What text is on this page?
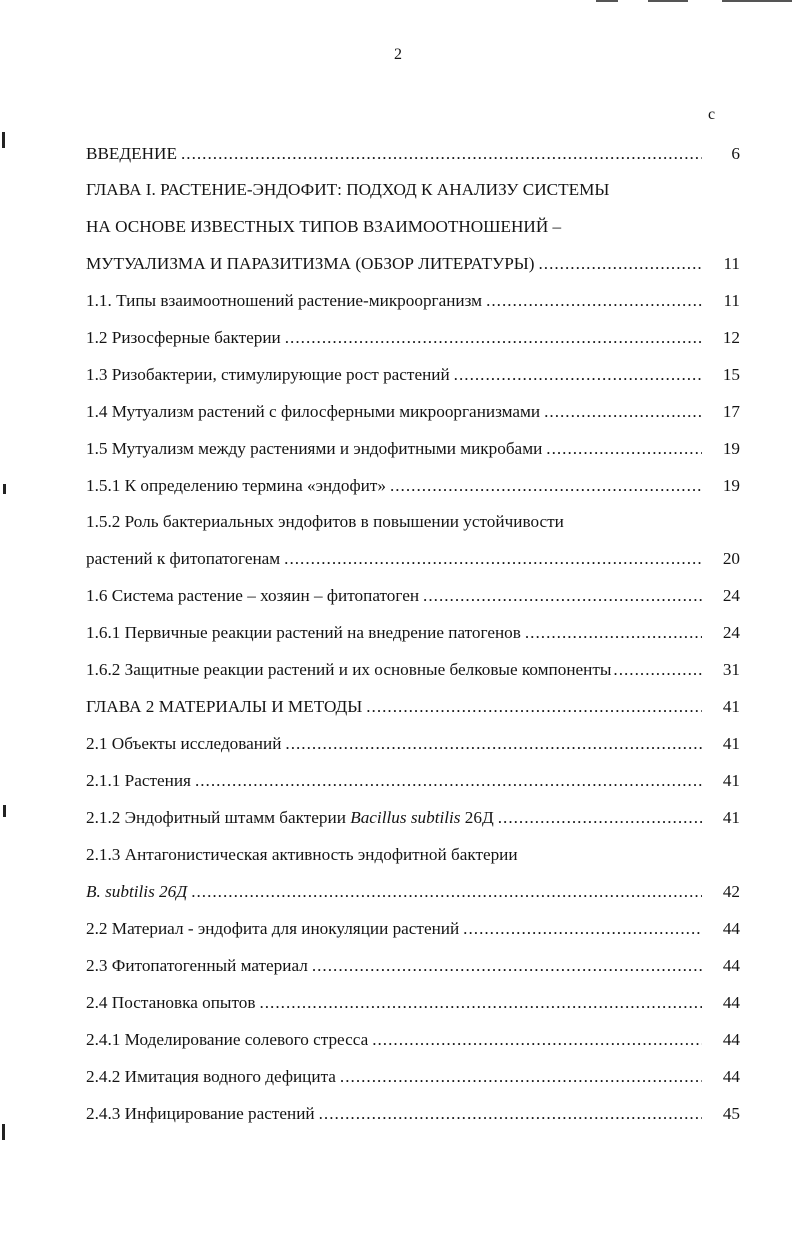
2
с
ВВЕДЕНИЕ .....	6
ГЛАВА I. РАСТЕНИЕ-ЭНДОФИТ: ПОДХОД К АНАЛИЗУ СИСТЕМЫ
НА ОСНОВЕ ИЗВЕСТНЫХ ТИПОВ ВЗАИМООТНОШЕНИЙ –
МУТУАЛИЗМА И ПАРАЗИТИЗМА (ОБЗОР ЛИТЕРАТУРЫ) .....	11
1.1. Типы взаимоотношений растение-микроорганизм .....	11
1.2 Ризосферные бактерии .....	12
1.3 Ризобактерии, стимулирующие рост растений .....	15
1.4 Мутуализм растений с филосферными микроорганизмами .....	17
1.5 Мутуализм между растениями и эндофитными микробами .....	19
1.5.1 К определению термина «эндофит» .....	19
1.5.2 Роль бактериальных эндофитов в повышении устойчивости
растений к фитопатогенам .....	20
1.6 Система растение – хозяин – фитопатоген .....	24
1.6.1 Первичные реакции растений на внедрение патогенов .....	24
1.6.2 Защитные реакции растений и их основные белковые компоненты .....	31
ГЛАВА 2 МАТЕРИАЛЫ И МЕТОДЫ .....	41
2.1 Объекты исследований .....	41
2.1.1 Растения .....	41
2.1.2 Эндофитный штамм бактерии Bacillus subtilis 26Д .....	41
2.1.3 Антагонистическая активность эндофитной бактерии
B. subtilis 26Д .....	42
2.2 Материал - эндофита для инокуляции растений .....	44
2.3 Фитопатогенный материал .....	44
2.4 Постановка опытов .....	44
2.4.1 Моделирование солевого стресса .....	44
2.4.2 Имитация водного дефицита .....	44
2.4.3 Инфицирование растений .....	45
